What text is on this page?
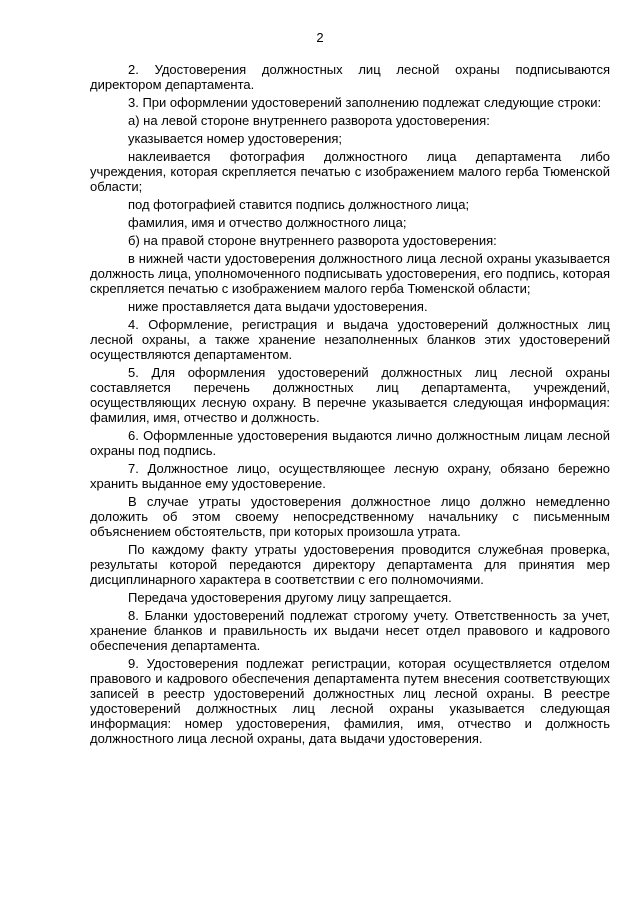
2

2. Удостоверения должностных лиц лесной охраны подписываются директором департамента.

3. При оформлении удостоверений заполнению подлежат следующие строки:

а) на левой стороне внутреннего разворота удостоверения:

указывается номер удостоверения;

наклеивается фотография должностного лица департамента либо учреждения, которая скрепляется печатью с изображением малого герба Тюменской области;

под фотографией ставится подпись должностного лица;

фамилия, имя и отчество должностного лица;

б) на правой стороне внутреннего разворота удостоверения:

в нижней части удостоверения должностного лица лесной охраны указывается должность лица, уполномоченного подписывать удостоверения, его подпись, которая скрепляется печатью с изображением малого герба Тюменской области;

ниже проставляется дата выдачи удостоверения.

4. Оформление, регистрация и выдача удостоверений должностных лиц лесной охраны, а также хранение незаполненных бланков этих удостоверений осуществляются департаментом.

5. Для оформления удостоверений должностных лиц лесной охраны составляется перечень должностных лиц департамента, учреждений, осуществляющих лесную охрану. В перечне указывается следующая информация: фамилия, имя, отчество и должность.

6. Оформленные удостоверения выдаются лично должностным лицам лесной охраны под подпись.

7. Должностное лицо, осуществляющее лесную охрану, обязано бережно хранить выданное ему удостоверение.

В случае утраты удостоверения должностное лицо должно немедленно доложить об этом своему непосредственному начальнику с письменным объяснением обстоятельств, при которых произошла утрата.

По каждому факту утраты удостоверения проводится служебная проверка, результаты которой передаются директору департамента для принятия мер дисциплинарного характера в соответствии с его полномочиями.

Передача удостоверения другому лицу запрещается.

8. Бланки удостоверений подлежат строгому учету. Ответственность за учет, хранение бланков и правильность их выдачи несет отдел правового и кадрового обеспечения департамента.

9. Удостоверения подлежат регистрации, которая осуществляется отделом правового и кадрового обеспечения департамента путем внесения соответствующих записей в реестр удостоверений должностных лиц лесной охраны. В реестре удостоверений должностных лиц лесной охраны указывается следующая информация: номер удостоверения, фамилия, имя, отчество и должность должностного лица лесной охраны, дата выдачи удостоверения.
